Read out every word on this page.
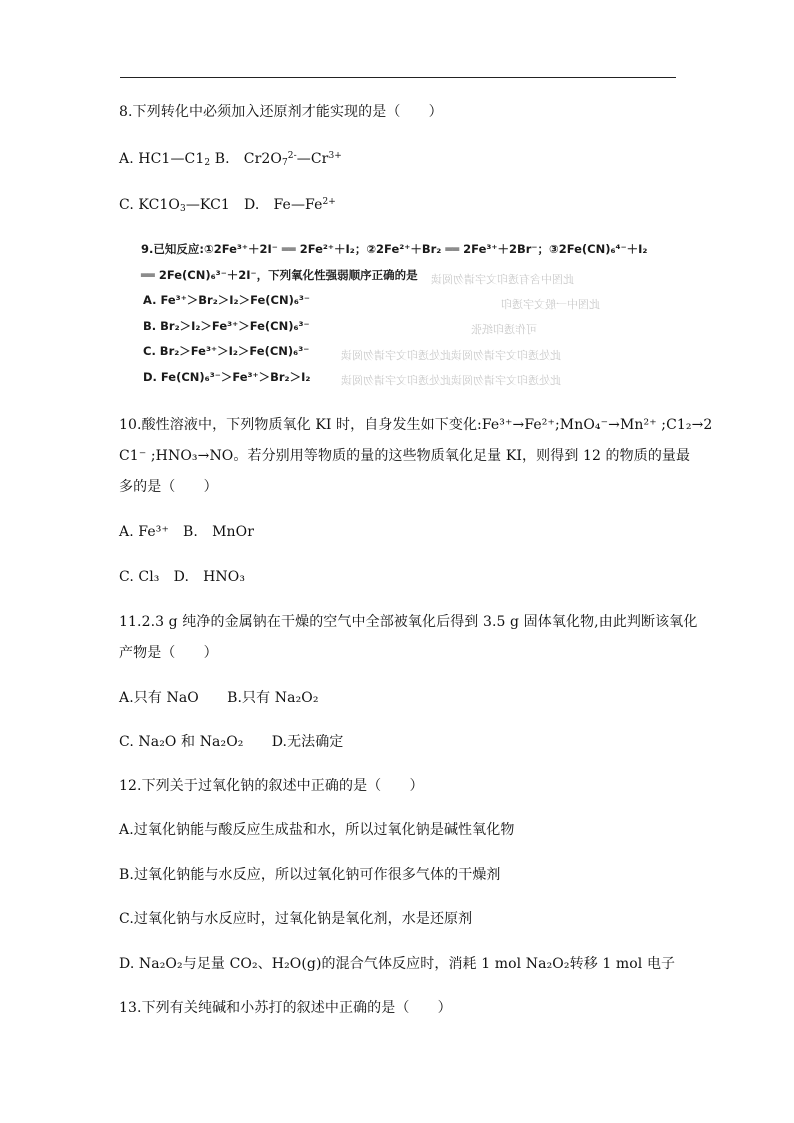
8.下列转化中必须加入还原剂才能实现的是（　　）
A. $HC1—C1_2$ B.　$Cr2O_7^{2-}—Cr^{3+}$
C. $KC1O_3—KC1$　D.　$Fe—Fe^{2+}$
此图中含有透印文字请勿阅读
此图中一般文字透印
可作透印纸张
此处透印文字请勿阅读此处透印文字请勿阅读
此处透印文字请勿阅读此处透印文字请勿阅读
9.已知反应:①2Fe³⁺＋2I⁻ ══ 2Fe²⁺＋I₂；②2Fe²⁺＋Br₂ ══ 2Fe³⁺＋2Br⁻；③2Fe(CN)₆⁴⁻＋I₂
══ 2Fe(CN)₆³⁻＋2I⁻，下列氧化性强弱顺序正确的是
A. Fe³⁺＞Br₂＞I₂＞Fe(CN)₆³⁻
B. Br₂＞I₂＞Fe³⁺＞Fe(CN)₆³⁻
C. Br₂＞Fe³⁺＞I₂＞Fe(CN)₆³⁻
D. Fe(CN)₆³⁻＞Fe³⁺＞Br₂＞I₂
10.酸性溶液中，下列物质氧化 KI 时，自身发生如下变化:Fe³⁺→Fe²⁺;MnO₄⁻→Mn²⁺ ;C1₂→2
C1⁻ ;HNO₃→NO。若分别用等物质的量的这些物质氧化足量 KI，则得到 12 的物质的量最
多的是（　　）
A. Fe³⁺　B.　MnOr
C. Cl₃　D.　HNO₃
11.2.3 g 纯净的金属钠在干燥的空气中全部被氧化后得到 3.5 g 固体氧化物,由此判断该氧化
产物是（　　）
A.只有 NaO　　B.只有 Na₂O₂
C. Na₂O 和 Na₂O₂　　D.无法确定
12.下列关于过氧化钠的叙述中正确的是（　　）
A.过氧化钠能与酸反应生成盐和水，所以过氧化钠是碱性氧化物
B.过氧化钠能与水反应，所以过氧化钠可作很多气体的干燥剂
C.过氧化钠与水反应时，过氧化钠是氧化剂，水是还原剂
D. Na₂O₂与足量 CO₂、H₂O(g)的混合气体反应时，消耗 1 mol Na₂O₂转移 1 mol 电子
13.下列有关纯碱和小苏打的叙述中正确的是（　　）
